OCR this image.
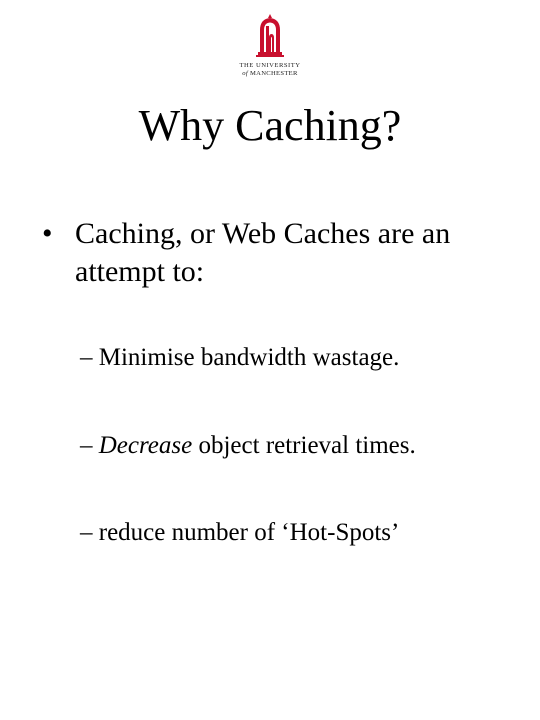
THE UNIVERSITY
of MANCHESTER
Why Caching?
• Caching, or Web Caches are an attempt to:
– Minimise bandwidth wastage.
– Decrease object retrieval times.
– reduce number of ‘Hot-Spots’
